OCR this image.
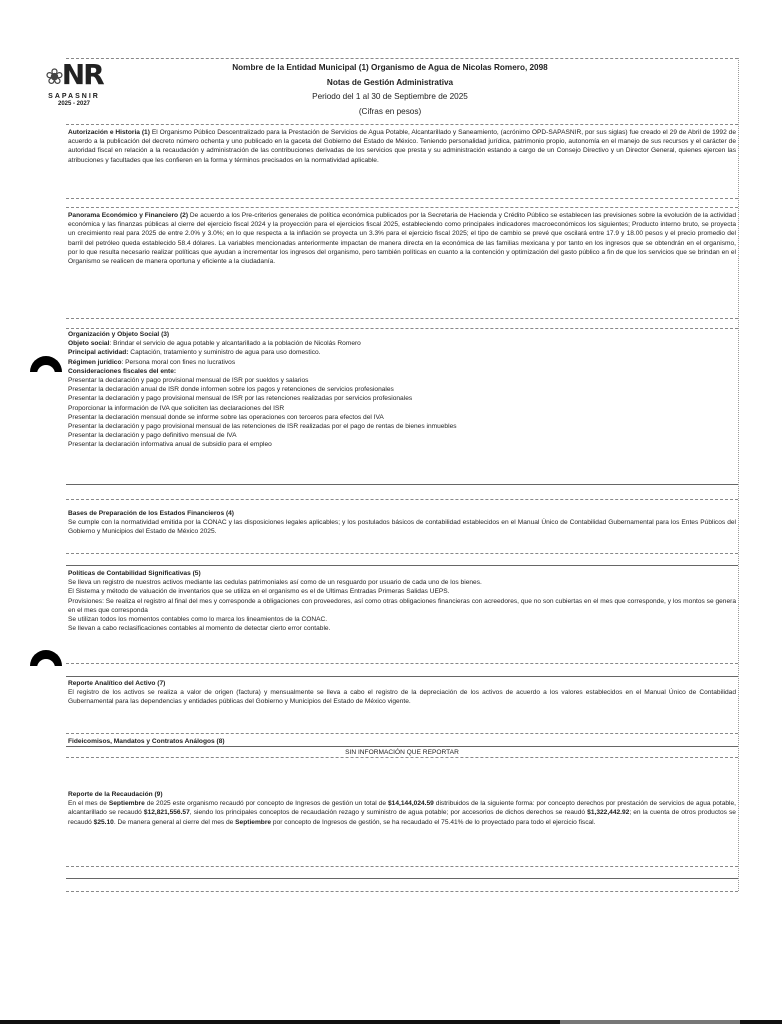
❀NR
SAPASNIR
2025 - 2027
Nombre de la Entidad Municipal (1) Organismo de Agua de Nicolas Romero, 2098
Notas de Gestión Administrativa
Periodo del 1 al 30 de Septiembre de 2025
(Cifras en pesos)

Autorización e Historia (1) El Organismo Público Descentralizado para la Prestación de Servicios de Agua Potable, Alcantarillado y Saneamiento, (acrónimo OPD-SAPASNIR, por sus siglas) fue creado el 29 de Abril de 1992 de acuerdo a la publicación del decreto número ochenta y uno publicado en la gaceta del Gobierno del Estado de México. Teniendo personalidad jurídica, patrimonio propio, autonomía en el manejo de sus recursos y el carácter de autoridad fiscal en relación a la recaudación y administración de las contribuciones derivadas de los servicios que presta y su administración estando a cargo de un Consejo Directivo y un Director General, quienes ejercen las atribuciones y facultades que les confieren en la forma y términos precisados en la normatividad aplicable.

Panorama Económico y Financiero (2) De acuerdo a los Pre-criterios generales de política económica publicados por la Secretaria de Hacienda y Crédito Público se establecen las previsiones sobre la evolución de la actividad económica y las finanzas públicas al cierre del ejercicio fiscal 2024 y la proyección para el ejercicios fiscal 2025, estableciendo como principales indicadores macroeconómicos los siguientes; Producto interno bruto, se proyecta un crecimiento real para 2025 de entre 2.0% y 3.0%; en lo que respecta a la inflación se proyecta un 3.3% para el ejercicio fiscal 2025; el tipo de cambio se prevé que oscilará entre 17.9 y 18.00 pesos y el precio promedio del barril del petróleo queda establecido 58.4 dólares. La variables mencionadas anteriormente impactan de manera directa en la económica de las familias mexicana y por tanto en los ingresos que se obtendrán en el organismo, por lo que resulta necesario realizar políticas que ayudan a incrementar los ingresos del organismo, pero también políticas en cuanto a la contención y optimización del gasto público a fin de que los servicios que se brindan en el Organismo se realicen de manera oportuna y eficiente a la ciudadanía.

Organización y Objeto Social (3)
Objeto social: Brindar el servicio de agua potable y alcantarillado a la población de Nicolás Romero
Principal actividad: Captación, tratamiento y suministro de agua para uso domestico.
Régimen jurídico: Persona moral con fines no lucrativos
Consideraciones fiscales del ente:
Presentar la declaración y pago provisional mensual de ISR por sueldos y salarios
Presentar la declaración anual de ISR donde informen sobre los pagos y retenciones de servicios profesionales
Presentar la declaración y pago provisional mensual de ISR por las retenciones realizadas por servicios profesionales
Proporcionar la información de IVA que soliciten las declaraciones del ISR
Presentar la declaración mensual donde se informe sobre las operaciones con terceros para efectos del IVA
Presentar la declaración y pago provisional mensual de las retenciones de ISR realizadas por el pago de rentas de bienes inmuebles
Presentar la declaración y pago definitivo mensual de IVA
Presentar la declaración informativa anual de subsidio para el empleo
Bases de Preparación de los Estados Financieros (4)

Se cumple con la normatividad emitida por la CONAC y las disposiciones legales aplicables; y los postulados básicos de contabilidad establecidos en el Manual Único de Contabilidad Gubernamental para los Entes Públicos del Gobierno y Municipios del Estado de México 2025.

Políticas de Contabilidad Significativas (5)
Se lleva un registro de nuestros activos mediante las cedulas patrimoniales así como de un resguardo por usuario de cada uno de los bienes.
El Sistema y método de valuación de inventarios que se utiliza en el organismo es el de Ultimas Entradas Primeras Salidas UEPS.

Provisiones: Se realiza el registro al final del mes y corresponde a obligaciones con proveedores, así como otras obligaciones financieras con acreedores, que no son cubiertas en el mes que corresponde, y los montos se genera en el mes que corresponda

Se utilizan todos los momentos contables como lo marca los lineamientos de la CONAC.
Se llevan a cabo reclasificaciones contables al momento de detectar cierto error contable.
Reporte Analítico del Activo (7)

El registro de los activos se realiza a valor de origen (factura) y mensualmente se lleva a cabo el registro de la depreciación de los activos de acuerdo a los valores establecidos en el Manual Único de Contabilidad Gubernamental para las dependencias y entidades públicas del Gobierno y Municipios del Estado de México vigente.

Fideicomisos, Mandatos y Contratos Análogos (8)
SIN INFORMACIÓN QUE REPORTAR
Reporte de la Recaudación (9)

En el mes de Septiembre de 2025 este organismo recaudó por concepto de Ingresos de gestión un total de $14,144,024.59 distribuidos de la siguiente forma: por concepto derechos por prestación de servicios de agua potable, alcantarillado se recaudó $12,821,556.57, siendo los principales conceptos de recaudación rezago y suministro de agua potable; por accesorios de dichos derechos se reaudó $1,322,442.92; en la cuenta de otros productos se recaudó $25.10. De manera general al cierre del mes de Septiembre por concepto de Ingresos de gestión, se ha recaudado el 75.41% de lo proyectado para todo el ejercicio fiscal.
